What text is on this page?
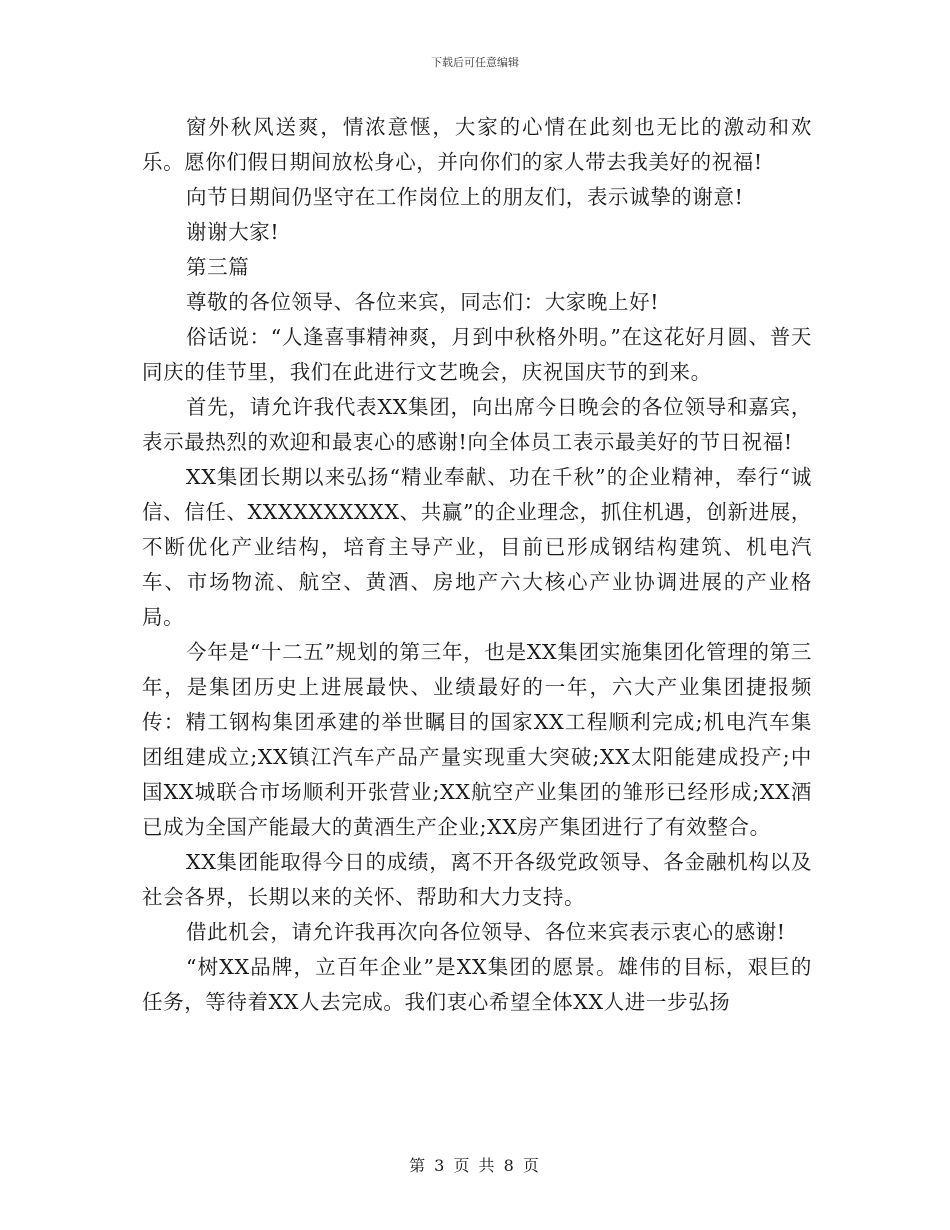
下载后可任意编辑

窗外秋风送爽，情浓意惬，大家的心情在此刻也无比的激动和欢乐。愿你们假日期间放松身心，并向你们的家人带去我美好的祝福!

向节日期间仍坚守在工作岗位上的朋友们，表示诚挚的谢意!

谢谢大家!

第三篇

尊敬的各位领导、各位来宾，同志们：大家晚上好!

俗话说：“人逢喜事精神爽，月到中秋格外明。”在这花好月圆、普天同庆的佳节里，我们在此进行文艺晚会，庆祝国庆节的到来。

首先，请允许我代表XX集团，向出席今日晚会的各位领导和嘉宾，表示最热烈的欢迎和最衷心的感谢!向全体员工表示最美好的节日祝福!

XX集团长期以来弘扬“精业奉献、功在千秋”的企业精神，奉行“诚信、信任、XXXXXXXXXX、共赢”的企业理念，抓住机遇，创新进展，不断优化产业结构，培育主导产业，目前已形成钢结构建筑、机电汽车、市场物流、航空、黄酒、房地产六大核心产业协调进展的产业格局。

今年是“十二五”规划的第三年，也是XX集团实施集团化管理的第三年，是集团历史上进展最快、业绩最好的一年，六大产业集团捷报频传：精工钢构集团承建的举世瞩目的国家XX工程顺利完成;机电汽车集团组建成立;XX镇江汽车产品产量实现重大突破;XX太阳能建成投产;中国XX城联合市场顺利开张营业;XX航空产业集团的雏形已经形成;XX酒已成为全国产能最大的黄酒生产企业;XX房产集团进行了有效整合。

XX集团能取得今日的成绩，离不开各级党政领导、各金融机构以及社会各界，长期以来的关怀、帮助和大力支持。

借此机会，请允许我再次向各位领导、各位来宾表示衷心的感谢!

“树XX品牌，立百年企业”是XX集团的愿景。雄伟的目标，艰巨的任务，等待着XX人去完成。我们衷心希望全体XX人进一步弘扬

第 3 页 共 8 页
